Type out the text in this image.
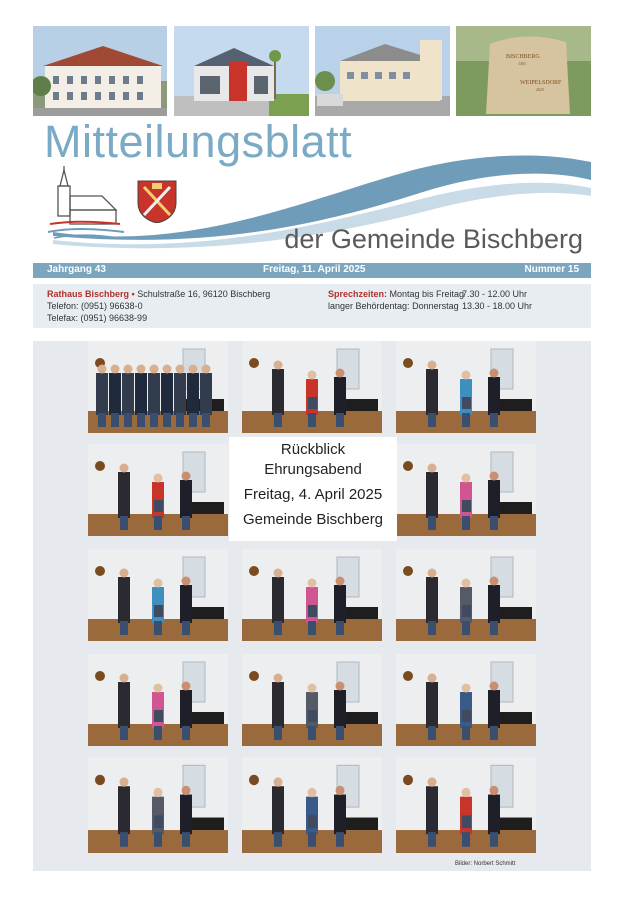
BISCHBERG
1401
WEIPELSDORF
2025
Mitteilungsblatt
der Gemeinde Bischberg
Jahrgang 43	Freitag, 11. April 2025	Nummer 15
Rathaus Bischberg • Schulstraße 16, 96120 Bischberg
Telefon: (0951) 96638-0
Telefax: (0951) 96638-99
Sprechzeiten: Montag bis Freitag
7.30 - 12.00 Uhr
langer Behördentag: Donnerstag 13.30 - 18.00 Uhr
Rückblick
Ehrungsabend
Freitag, 4. April 2025
Gemeinde Bischberg
Bilder: Norbert Schmitt
